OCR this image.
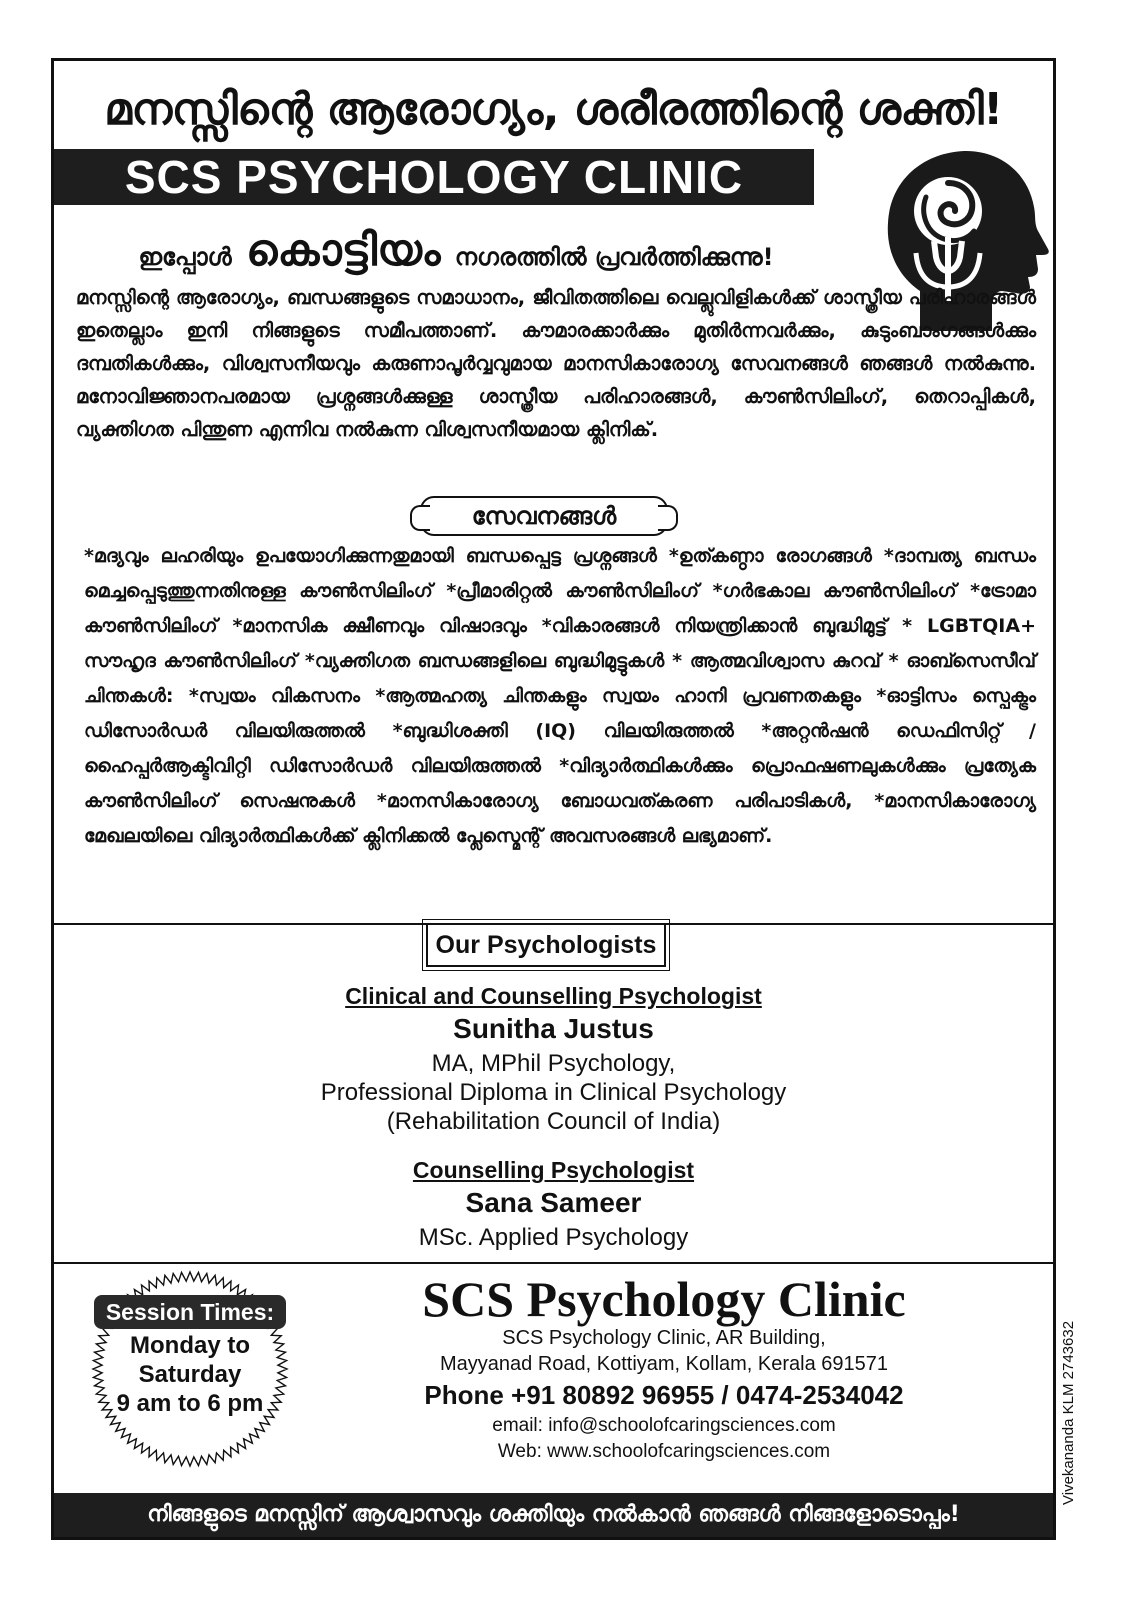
മനസ്സിന്റെ ആരോഗ്യം, ശരീരത്തിന്റെ ശക്തി!
SCS PSYCHOLOGY CLINIC
ഇപ്പോൾ കൊട്ടിയം നഗരത്തിൽ പ്രവർത്തിക്കുന്നു!
മനസ്സിന്റെ ആരോഗ്യം, ബന്ധങ്ങളുടെ സമാധാനം, ജീവിതത്തിലെ വെല്ലുവിളികൾക്ക് ശാസ്ത്രീയ പരിഹാരങ്ങൾ ഇതെല്ലാം ഇനി നിങ്ങളുടെ സമീപത്താണ്. കൗമാരക്കാർക്കും മുതിർന്നവർക്കും, കുടുംബാംഗങ്ങൾക്കും ദമ്പതികൾക്കും, വിശ്വസനീയവും കരുണാപൂർവ്വവുമായ മാനസികാരോഗ്യ സേവനങ്ങൾ ഞങ്ങൾ നൽകുന്നു. മനോവിജ്ഞാനപരമായ പ്രശ്നങ്ങൾക്കുള്ള ശാസ്ത്രീയ പരിഹാരങ്ങൾ, കൗൺസിലിംഗ്, തെറാപ്പികൾ, വ്യക്തിഗത പിന്തുണ എന്നിവ നൽകുന്ന വിശ്വസനീയമായ ക്ലിനിക്.
സേവനങ്ങൾ
*മദ്യവും ലഹരിയും ഉപയോഗിക്കുന്നതുമായി ബന്ധപ്പെട്ട പ്രശ്നങ്ങൾ *ഉത്കണ്ഠാ രോഗങ്ങൾ *ദാമ്പത്യ ബന്ധം മെച്ചപ്പെടുത്തുന്നതിനുള്ള കൗൺസിലിംഗ് *പ്രീമാരിറ്റൽ കൗൺസിലിംഗ് *ഗർഭകാല കൗൺസിലിംഗ് *ട്രോമാ കൗൺസിലിംഗ് *മാനസിക ക്ഷീണവും വിഷാദവും *വികാരങ്ങൾ നിയന്ത്രിക്കാൻ ബുദ്ധിമുട്ട് * LGBTQIA+ സൗഹൃദ കൗൺസിലിംഗ് *വ്യക്തിഗത ബന്ധങ്ങളിലെ ബുദ്ധിമുട്ടുകൾ * ആത്മവിശ്വാസ കുറവ് * ഓബ്സെസീവ് ചിന്തകൾ: *സ്വയം വികസനം *ആത്മഹത്യ ചിന്തകളും സ്വയം ഹാനി പ്രവണതകളും *ഓട്ടിസം സ്പെക്ട്രം ഡിസോർഡർ വിലയിരുത്തൽ *ബുദ്ധിശക്തി (IQ) വിലയിരുത്തൽ *അറ്റൻഷൻ ഡെഫിസിറ്റ് / ഹൈപ്പർആക്ടിവിറ്റി ഡിസോർഡർ വിലയിരുത്തൽ *വിദ്യാർത്ഥികൾക്കും പ്രൊഫഷണലുകൾക്കും പ്രത്യേക കൗൺസിലിംഗ് സെഷനുകൾ *മാനസികാരോഗ്യ ബോധവത്കരണ പരിപാടികൾ, *മാനസികാരോഗ്യ മേഖലയിലെ വിദ്യാർത്ഥികൾക്ക് ക്ലിനിക്കൽ പ്ലേസ്മെന്റ് അവസരങ്ങൾ ലഭ്യമാണ്.
Our Psychologists
Clinical and Counselling Psychologist
Sunitha Justus
MA, MPhil Psychology,
Professional Diploma in Clinical Psychology
(Rehabilitation Council of India)
Counselling Psychologist
Sana Sameer
MSc. Applied Psychology
Session Times:
Monday to
Saturday
9 am to 6 pm
SCS Psychology Clinic
SCS Psychology Clinic, AR Building,
Mayyanad Road, Kottiyam, Kollam, Kerala 691571
Phone +91 80892 96955 / 0474-2534042
email: info@schoolofcaringsciences.com
Web: www.schoolofcaringsciences.com
നിങ്ങളുടെ മനസ്സിന് ആശ്വാസവും ശക്തിയും നൽകാൻ ഞങ്ങൾ നിങ്ങളോടൊപ്പം!
Vivekananda KLM 2743632
